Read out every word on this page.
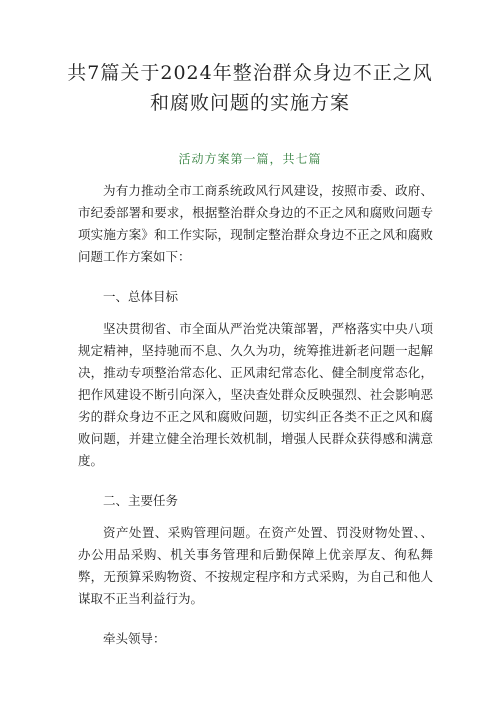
共7篇关于2024年整治群众身边不正之风
和腐败问题的实施方案
活动方案第一篇，共七篇
为有力推动全市工商系统政风行风建设，按照市委、政府、市纪委部署和要求，根据整治群众身边的不正之风和腐败问题专项实施方案》和工作实际，现制定整治群众身边不正之风和腐败问题工作方案如下：
一、总体目标
坚决贯彻省、市全面从严治党决策部署，严格落实中央八项规定精神，坚持驰而不息、久久为功，统筹推进新老问题一起解决，推动专项整治常态化、正风肃纪常态化、健全制度常态化，把作风建设不断引向深入，坚决查处群众反映强烈、社会影响恶劣的群众身边不正之风和腐败问题，切实纠正各类不正之风和腐败问题，并建立健全治理长效机制，增强人民群众获得感和满意度。
二、主要任务
资产处置、采购管理问题。在资产处置、罚没财物处置、、办公用品采购、机关事务管理和后勤保障上优亲厚友、徇私舞弊，无预算采购物资、不按规定程序和方式采购，为自己和他人谋取不正当利益行为。
牵头领导：
